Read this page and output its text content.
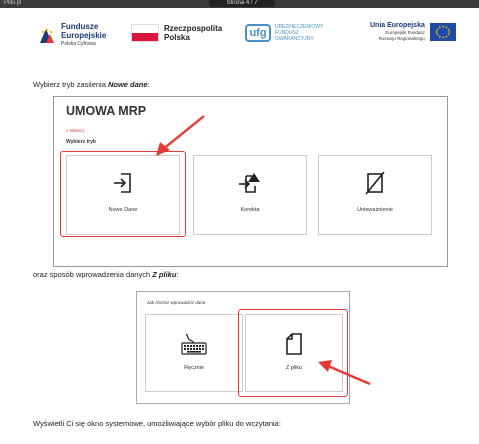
Pliki.pl	Strona 4 / 7
Fundusze
Europejskie
Polska Cyfrowa
Rzeczpospolita
Polska	ufg	UBEZPIECZENIOWY
FUNDUSZ
GWARANCYJNY
Unia Europejska
Europejski Fundusz
Rozwoju Regionalnego
Wybierz tryb zasilenia Nowe dane:
UMOWA MRP
« Wstecz
Wybierz tryb
Nowe Dane	Korekta	Unieważnienie
oraz sposób wprowadzenia danych Z pliku:
Jak chcesz wprowadzić dane
Ręcznie	Z pliku
Wyświetli Ci się okno systemowe, umożliwiające wybór pliku do wczytania:
